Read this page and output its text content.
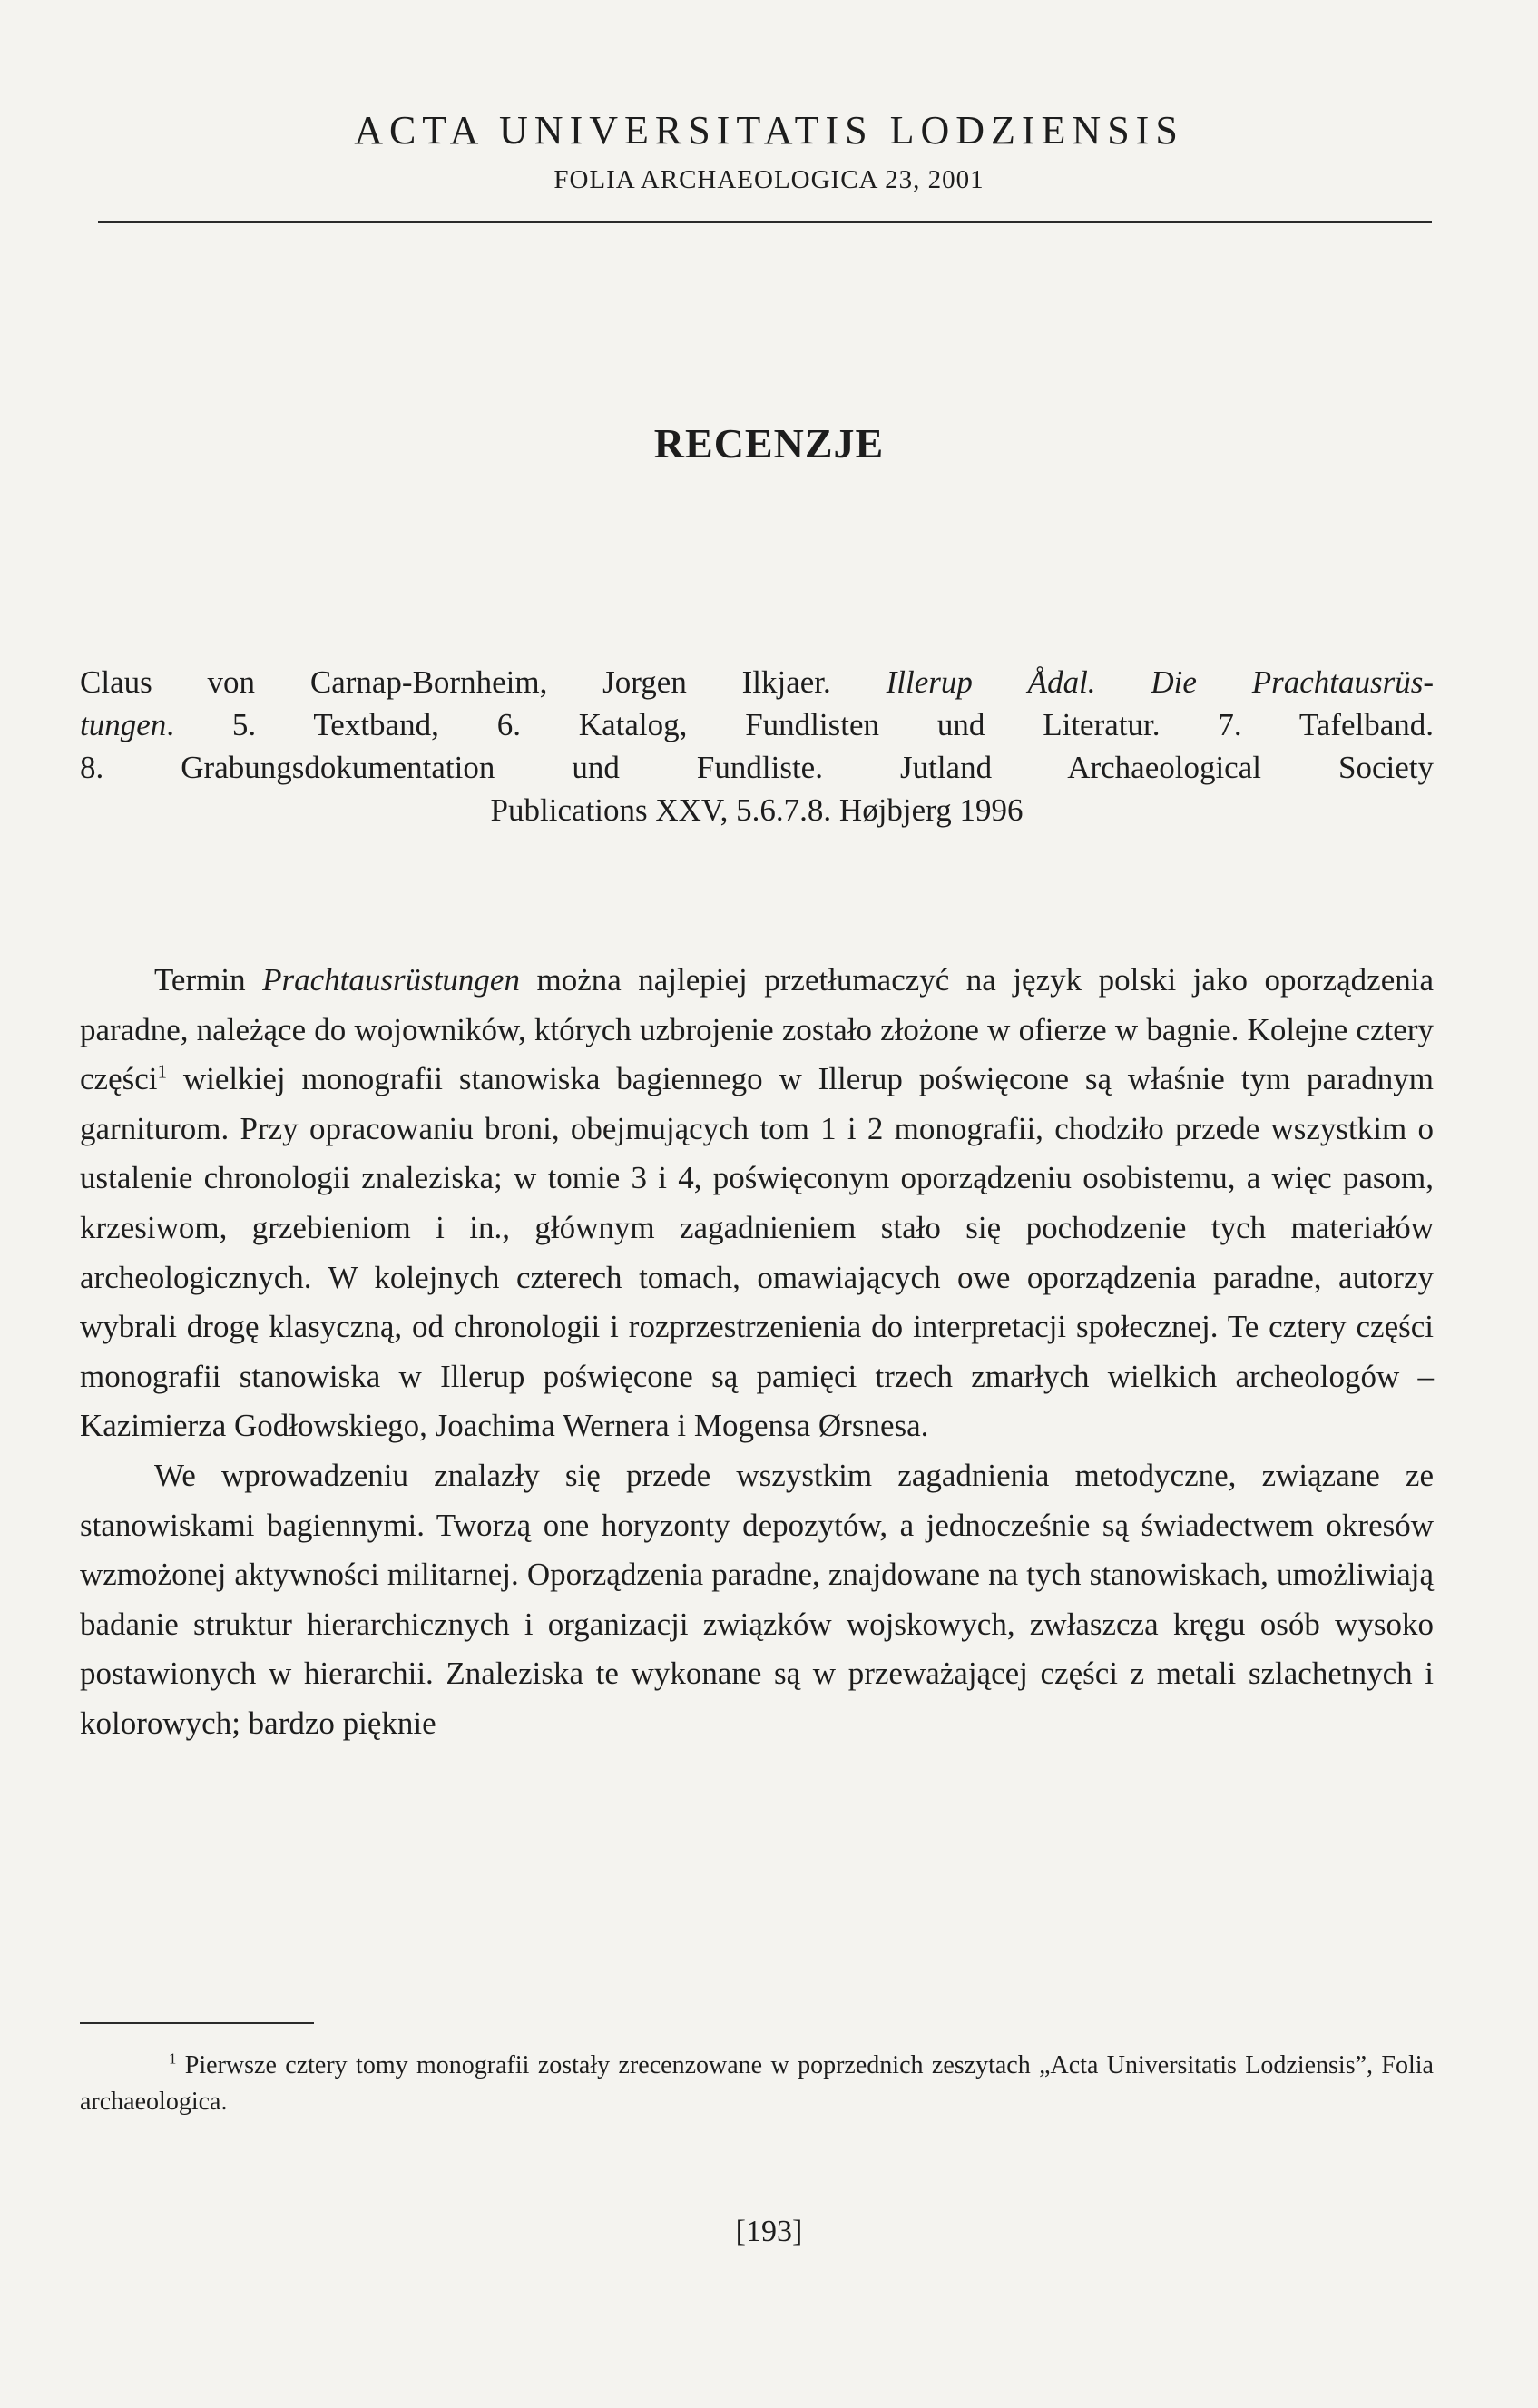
ACTA UNIVERSITATIS LODZIENSIS
FOLIA ARCHAEOLOGICA 23, 2001
RECENZJE
Claus von Carnap-Bornheim, Jorgen Ilkjaer. Illerup Ådal. Die Prachtausrüs-
tungen. 5. Textband, 6. Katalog, Fundlisten und Literatur. 7. Tafelband.
8. Grabungsdokumentation und Fundliste. Jutland Archaeological Society
Publications XXV, 5.6.7.8. Højbjerg 1996

Termin Prachtausrüstungen można najlepiej przetłumaczyć na język polski jako oporządzenia paradne, należące do wojowników, których uzbrojenie zostało złożone w ofierze w bagnie. Kolejne cztery części$^1$ wielkiej monografii stanowiska bagiennego w Illerup poświęcone są właśnie tym paradnym garniturom. Przy opracowaniu broni, obejmujących tom 1 i 2 monografii, chodziło przede wszystkim o ustalenie chronologii znaleziska; w tomie 3 i 4, poświęconym oporządzeniu osobistemu, a więc pasom, krzesiwom, grzebieniom i in., głównym zagadnieniem stało się pochodzenie tych materiałów archeologicznych. W kolejnych czterech tomach, omawiających owe oporządzenia paradne, autorzy wybrali drogę klasyczną, od chronologii i rozprzestrzenienia do interpretacji społecznej. Te cztery części monografii stanowiska w Illerup poświęcone są pamięci trzech zmarłych wielkich archeologów – Kazimierza Godłowskiego, Joachima Wernera i Mogensa Ørsnesa.

We wprowadzeniu znalazły się przede wszystkim zagadnienia metodyczne, związane ze stanowiskami bagiennymi. Tworzą one horyzonty depozytów, a jednocześnie są świadectwem okresów wzmożonej aktywności militarnej. Oporządzenia paradne, znajdowane na tych stanowiskach, umożliwiają badanie struktur hierarchicznych i organizacji związków wojskowych, zwłaszcza kręgu osób wysoko postawionych w hierarchii. Znaleziska te wykonane są w przeważającej części z metali szlachetnych i kolorowych; bardzo pięknie

$^1$ Pierwsze cztery tomy monografii zostały zrecenzowane w poprzednich zeszytach „Acta Universitatis Lodziensis”, Folia archaeologica.
[193]
